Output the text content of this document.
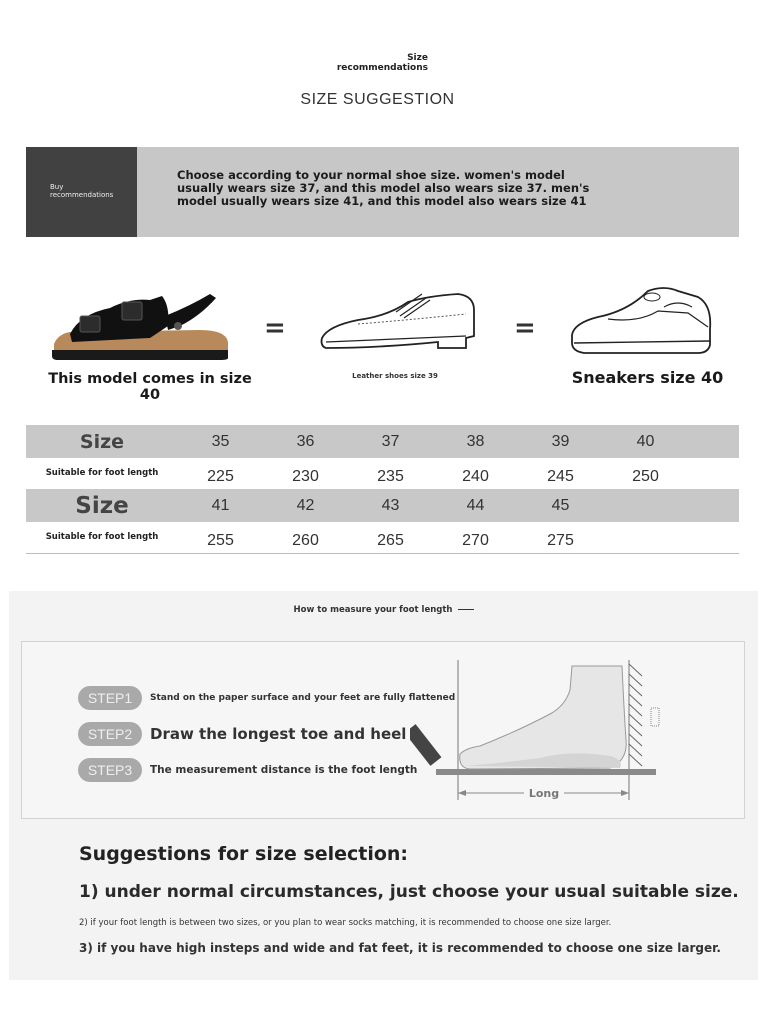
Size
recommendations
SIZE SUGGESTION
Buy
recommendations
Choose according to your normal shoe size. women's model usually wears size 37, and this model also wears size 37. men's model usually wears size 41, and this model also wears size 41
This model comes in size 40
=
Leather shoes size 39
=
Sneakers size 40
Size	35	36	37	38	39	40	
Suitable for foot length	225	230	235	240	245	250	
Size	41	42	43	44	45		
Suitable for foot length	255	260	265	270	275		
How to measure your foot length
STEP1	Stand on the paper surface and your feet are fully flattened
STEP2	Draw the longest toe and heel
STEP3	The measurement distance is the foot length
Long
Suggestions for size selection:
1) under normal circumstances, just choose your usual suitable size.
2) if your foot length is between two sizes, or you plan to wear socks matching, it is recommended to choose one size larger.
3) if you have high insteps and wide and fat feet, it is recommended to choose one size larger.
